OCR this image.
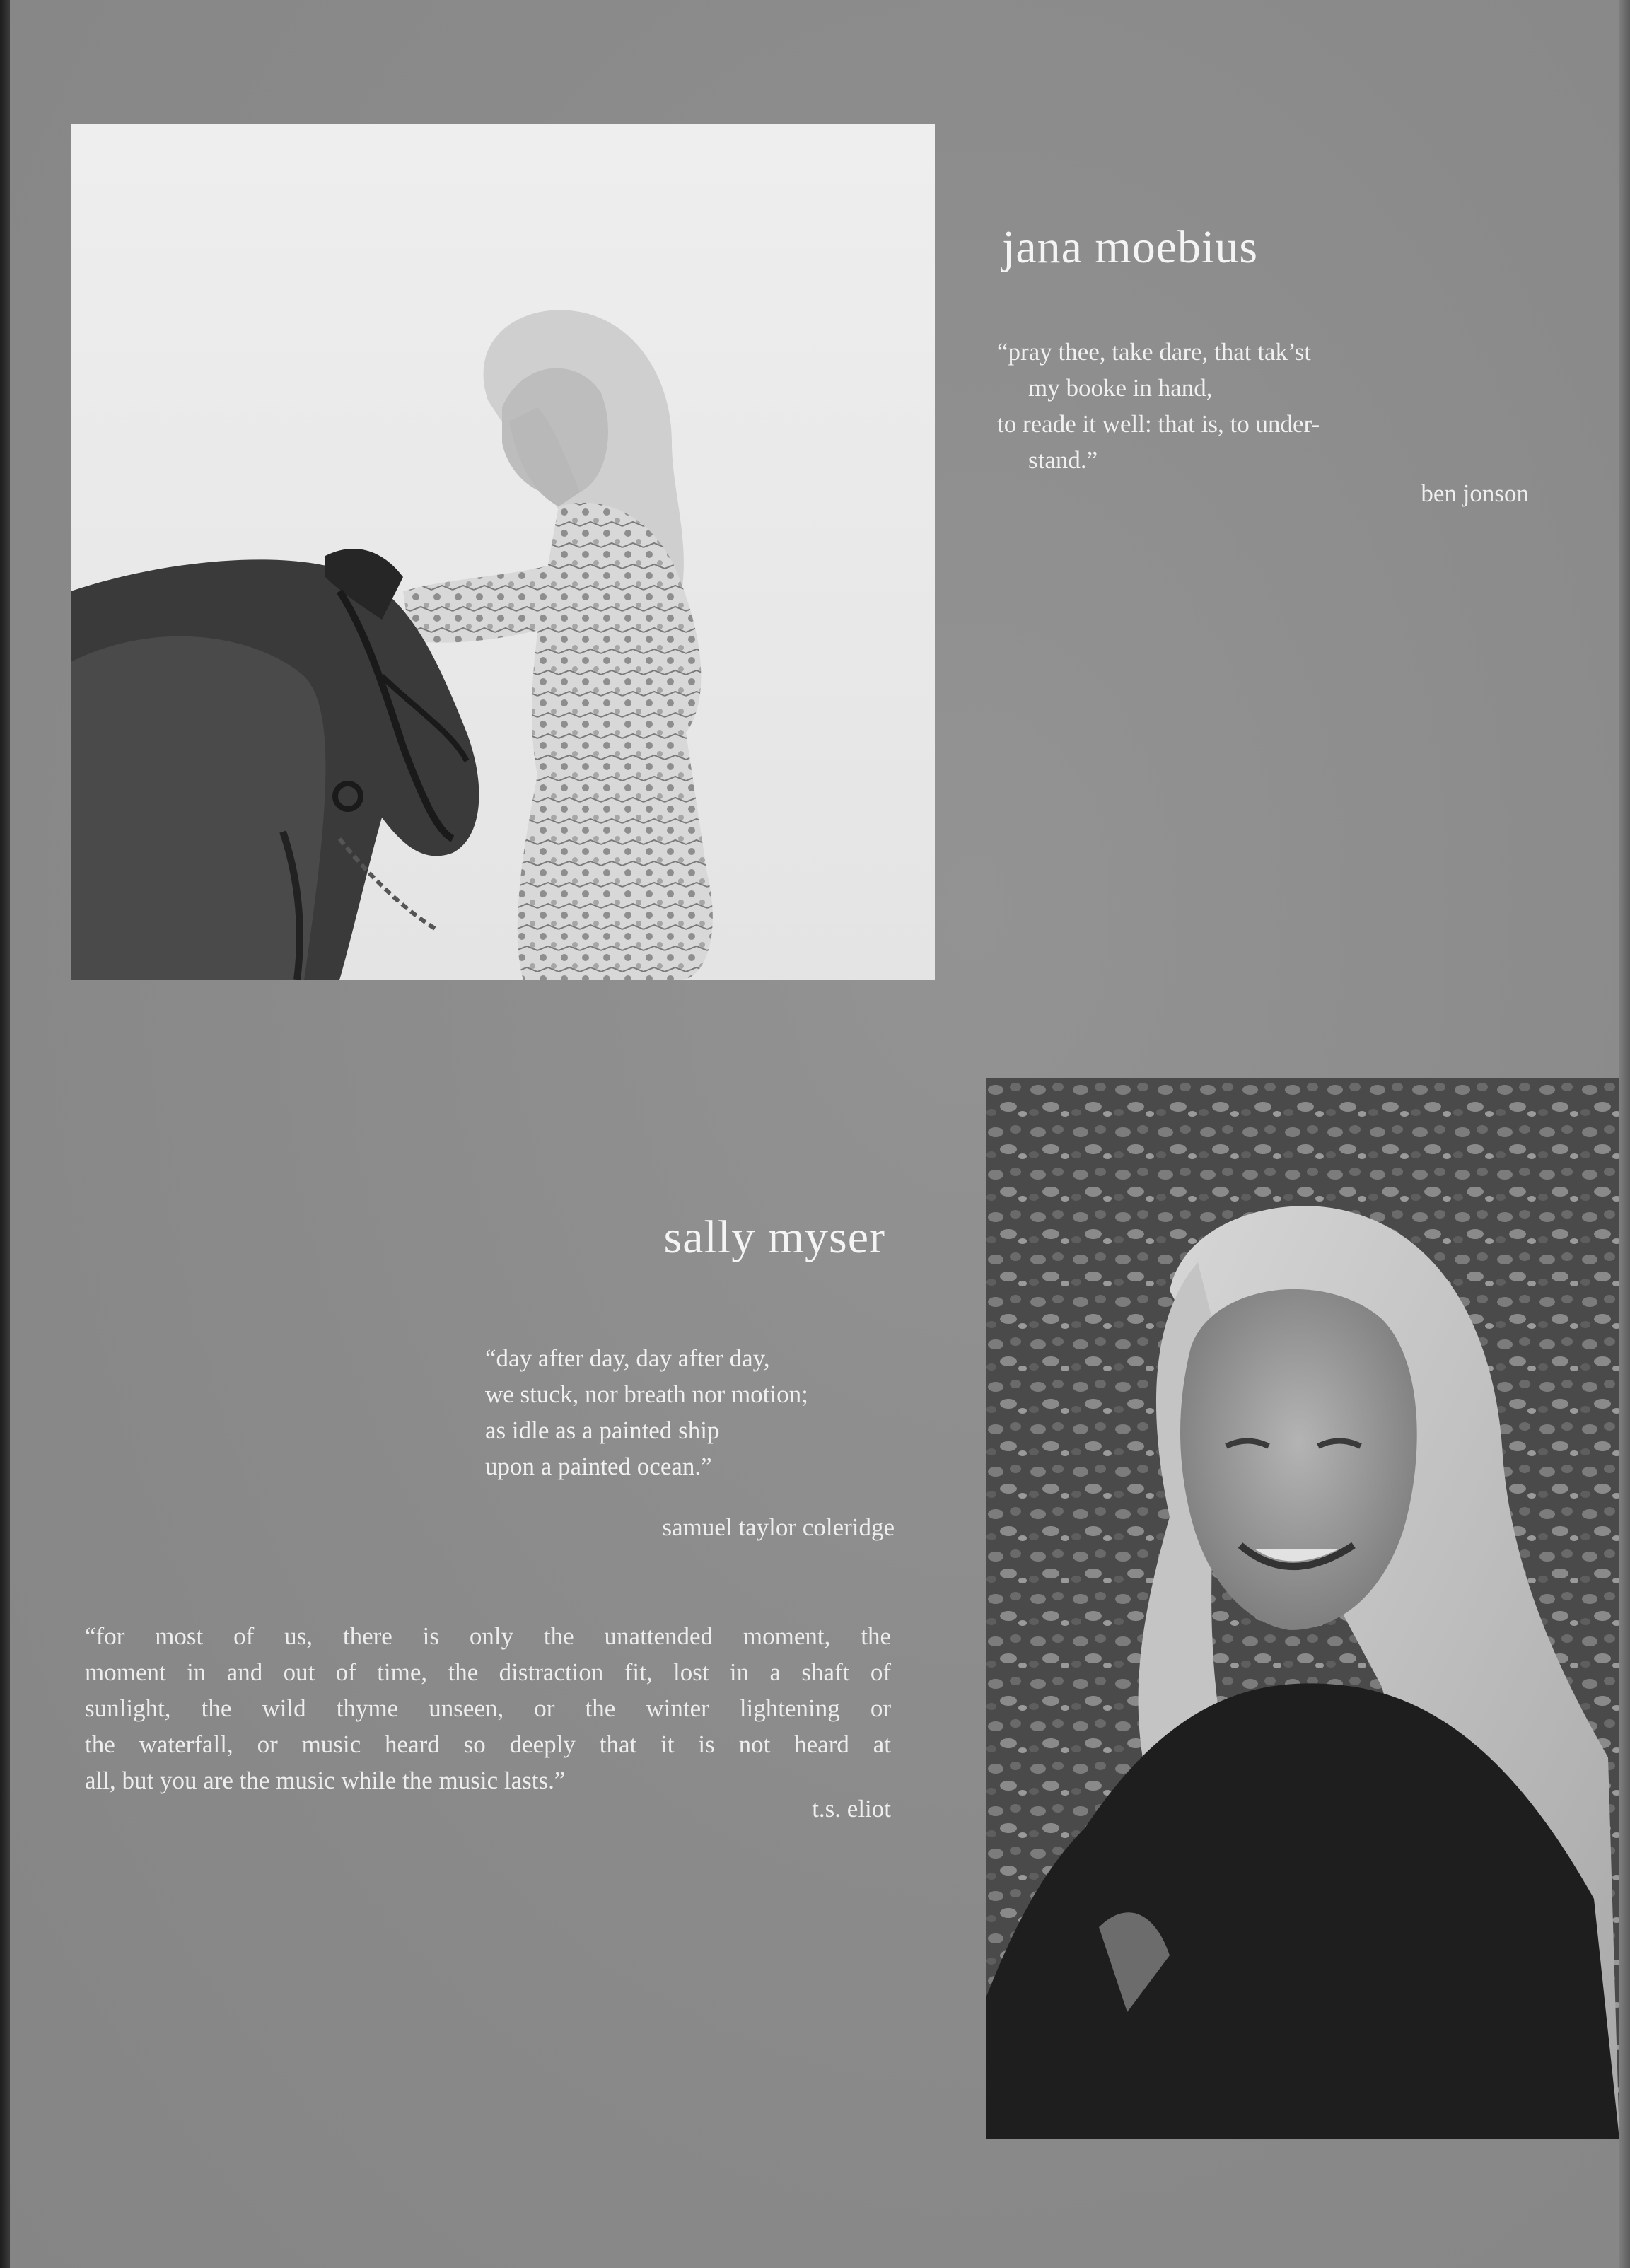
jana moebius
“pray thee, take dare, that tak’st
my booke in hand,
to reade it well: that is, to under-
stand.”
ben jonson
sally myser
“day after day, day after day,
we stuck, nor breath nor motion;
as idle as a painted ship
upon a painted ocean.”
samuel taylor coleridge
“for most of us, there is only the unattended moment, the
moment in and out of time, the distraction fit, lost in a shaft of
sunlight, the wild thyme unseen, or the winter lightening or
the waterfall, or music heard so deeply that it is not heard at
all, but you are the music while the music lasts.”
t.s. eliot
